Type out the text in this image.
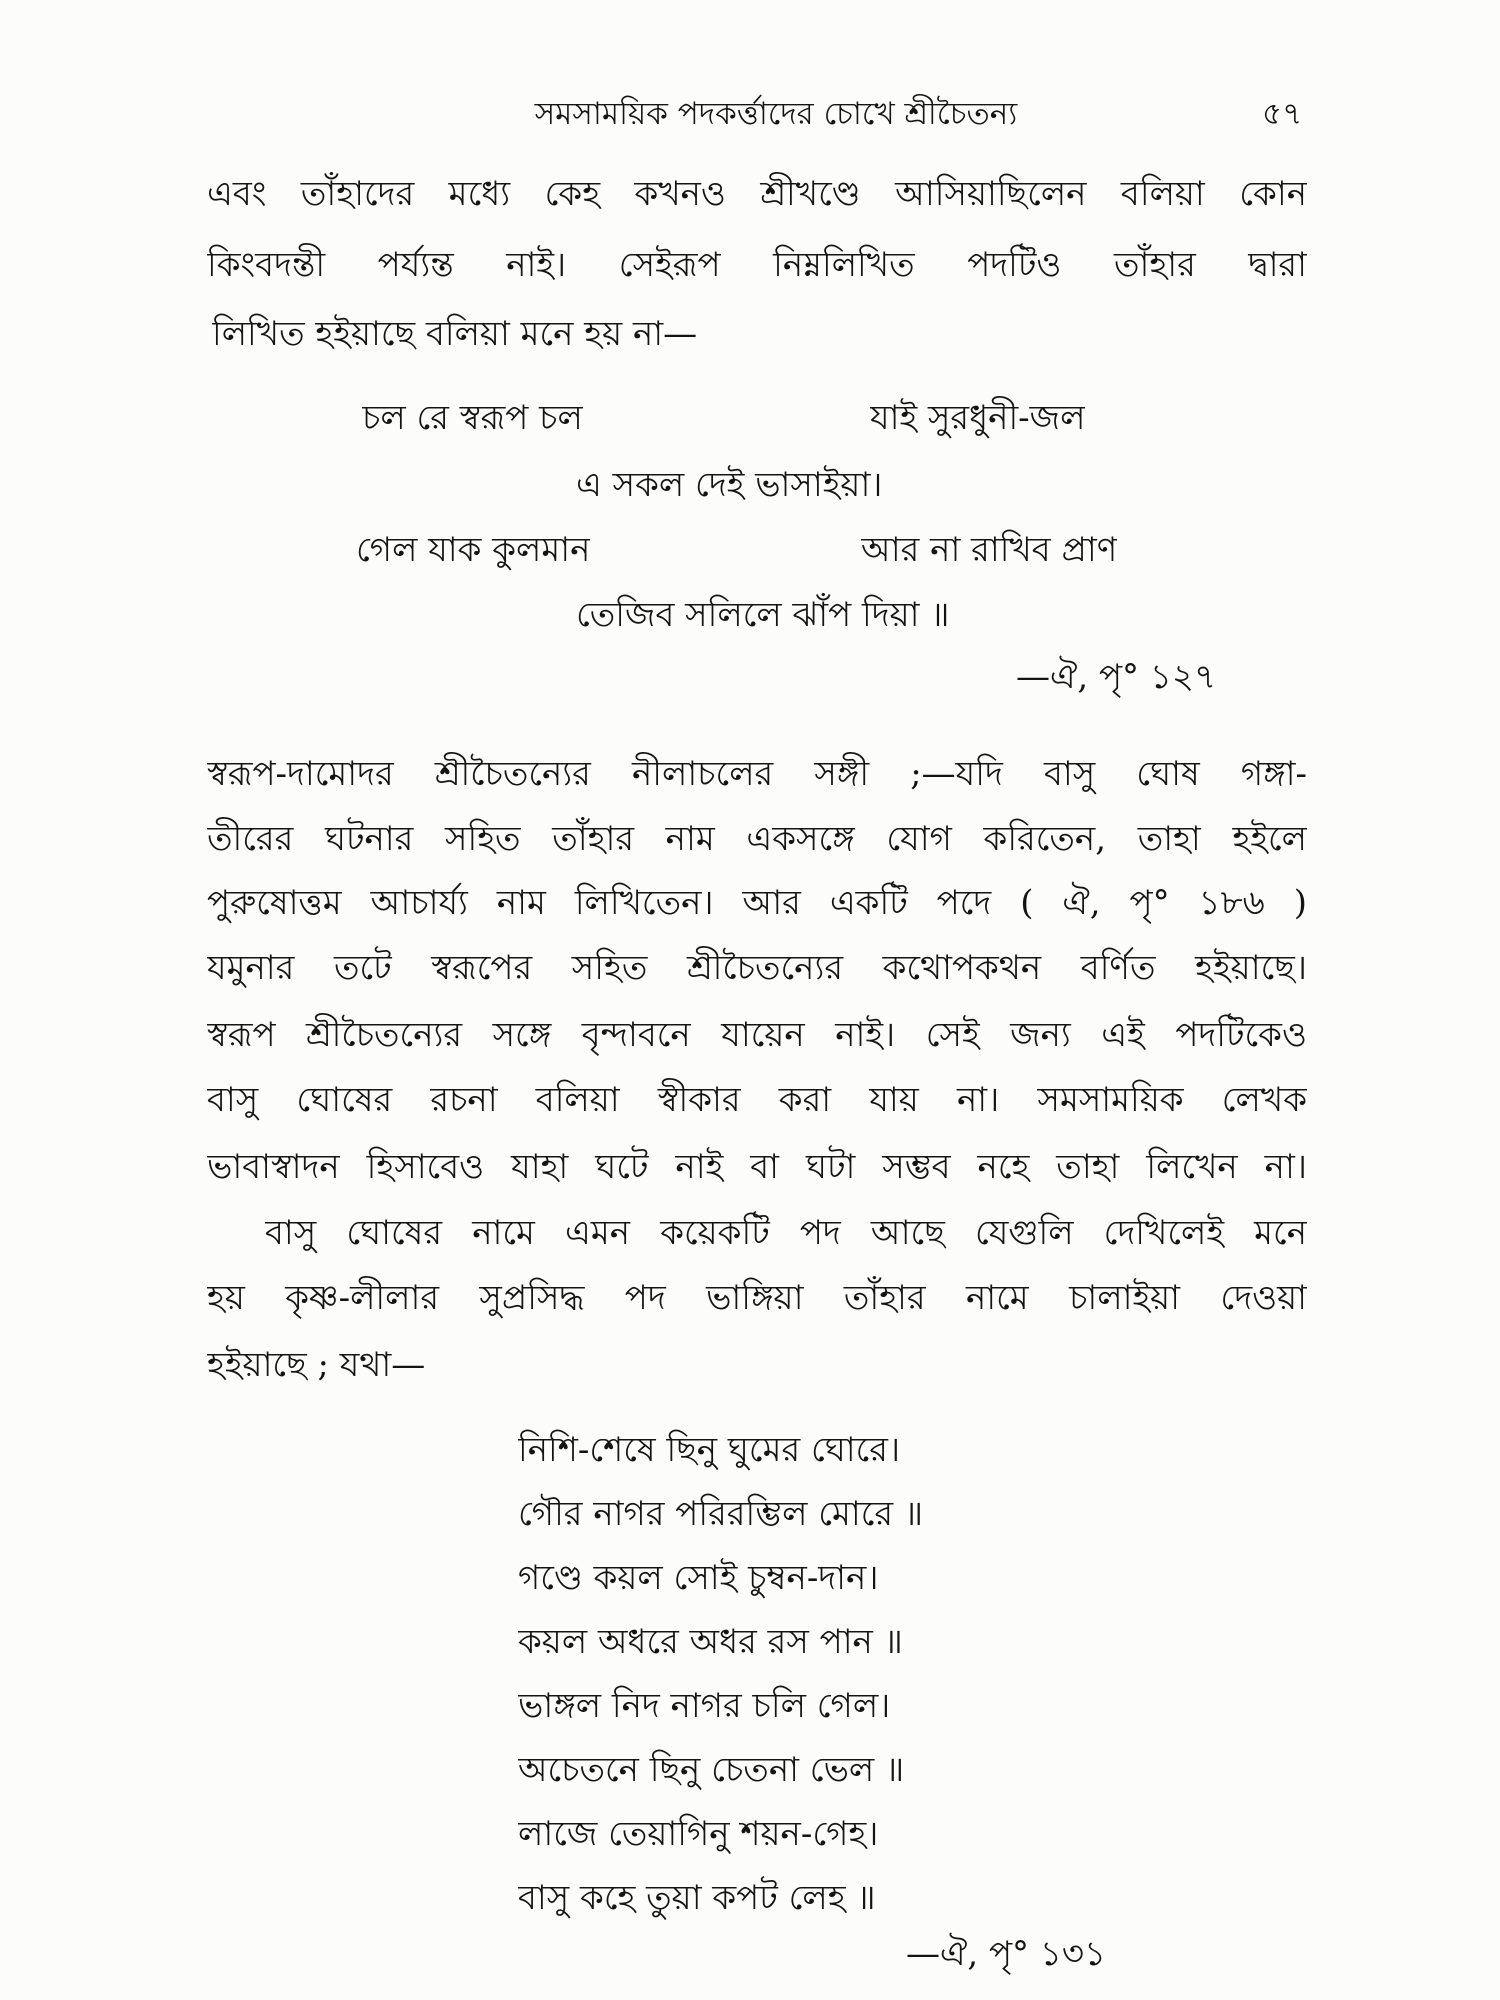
সমসাময়িক পদকর্ত্তাদের চোখে শ্রীচৈতন্য	৫৭
এবং তাঁহাদের মধ্যে কেহ কখনও শ্রীখণ্ডে আসিয়াছিলেন বলিয়া কোন
কিংবদন্তী পর্য্যন্ত নাই। সেইরূপ নিম্নলিখিত পদটিও তাঁহার দ্বারা
লিখিত হইয়াছে বলিয়া মনে হয় না—
চল রে স্বরূপ চল	যাই সুরধুনী-জল
এ সকল দেই ভাসাইয়া।
গেল যাক কুলমান	আর না রাখিব প্রাণ
তেজিব সলিলে ঝাঁপ দিয়া ॥
—ঐ, পৃ° ১২৭
স্বরূপ-দামোদর শ্রীচৈতন্যের নীলাচলের সঙ্গী ;—যদি বাসু ঘোষ গঙ্গা-
তীরের ঘটনার সহিত তাঁহার নাম একসঙ্গে যোগ করিতেন, তাহা হইলে
পুরুষোত্তম আচার্য্য নাম লিখিতেন। আর একটি পদে ( ঐ, পৃ° ১৮৬ )
যমুনার তটে স্বরূপের সহিত শ্রীচৈতন্যের কথোপকথন বর্ণিত হইয়াছে।
স্বরূপ শ্রীচৈতন্যের সঙ্গে বৃন্দাবনে যায়েন নাই। সেই জন্য এই পদটিকেও
বাসু ঘোষের রচনা বলিয়া স্বীকার করা যায় না। সমসাময়িক লেখক
ভাবাস্বাদন হিসাবেও যাহা ঘটে নাই বা ঘটা সম্ভব নহে তাহা লিখেন না।
বাসু ঘোষের নামে এমন কয়েকটি পদ আছে যেগুলি দেখিলেই মনে
হয় কৃষ্ণ-লীলার সুপ্রসিদ্ধ পদ ভাঙ্গিয়া তাঁহার নামে চালাইয়া দেওয়া
হইয়াছে ; যথা—
নিশি-শেষে ছিনু ঘুমের ঘোরে।
গৌর নাগর পরিরম্ভিল মোরে ॥
গণ্ডে কয়ল সোই চুম্বন-দান।
কয়ল অধরে অধর রস পান ॥
ভাঙ্গল নিদ নাগর চলি গেল।
অচেতনে ছিনু চেতনা ভেল ॥
লাজে তেয়াগিনু শয়ন-গেহ।
বাসু কহে তুয়া কপট লেহ ॥
—ঐ, পৃ° ১৩১
